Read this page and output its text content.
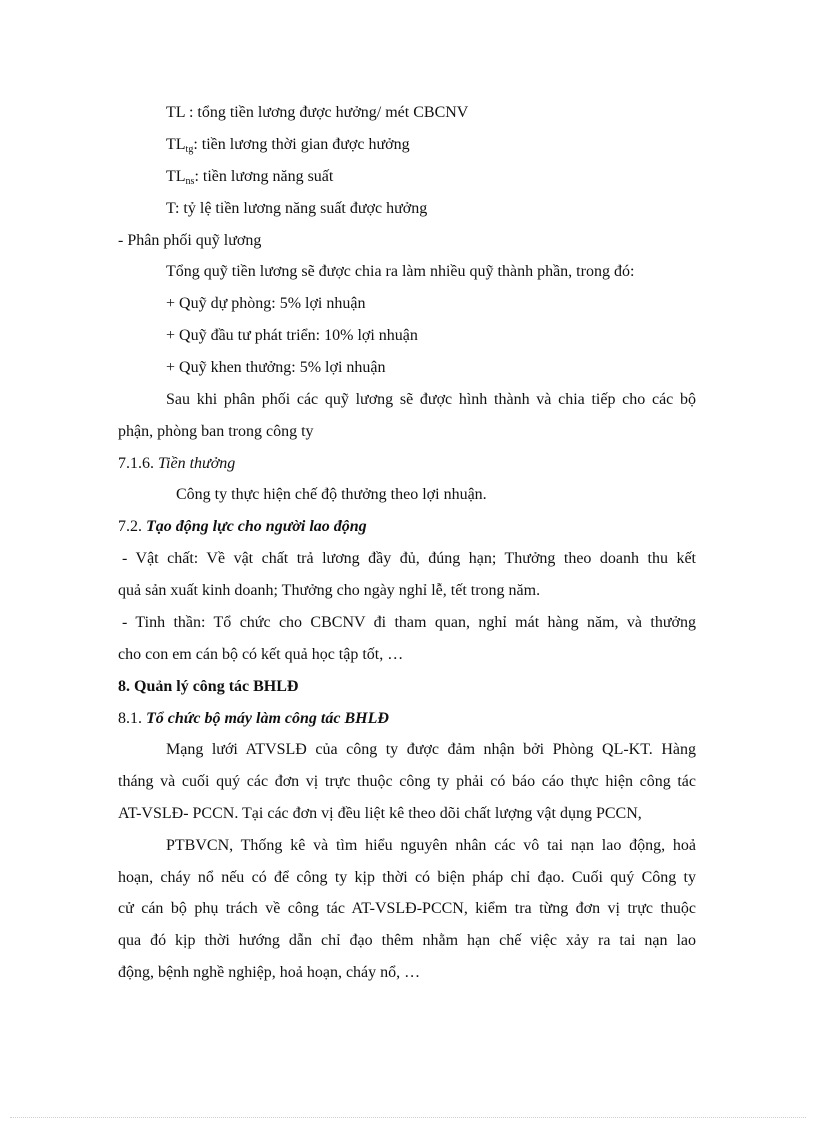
TL : tổng tiền lương được hưởng/ mét CBCNV
$TL_{tg}$: tiền lương thời gian được hưởng
$TL_{ns}$: tiền lương năng suất
T: tỷ lệ tiền lương năng suất được hưởng
- Phân phối quỹ lương
Tổng quỹ tiền lương sẽ được chia ra làm nhiều quỹ thành phần, trong đó:
+ Quỹ dự phòng: 5% lợi nhuận
+ Quỹ đầu tư phát triển: 10% lợi nhuận
+ Quỹ khen thưởng: 5% lợi nhuận
Sau khi phân phối các quỹ lương sẽ được hình thành và chia tiếp cho các bộ
phận, phòng ban trong công ty
7.1.6. Tiền thưởng
Công ty thực hiện chế độ thưởng theo lợi nhuận.
7.2. Tạo động lực cho người lao động
- Vật chất: Về vật chất trả lương đầy đủ, đúng hạn; Thưởng theo doanh thu kết
quả sản xuất kinh doanh; Thưởng cho ngày nghỉ lễ, tết trong năm.
- Tinh thần: Tổ chức cho CBCNV đi tham quan, nghỉ mát hàng năm, và thưởng
cho con em cán bộ có kết quả học tập tốt, …
8. Quản lý công tác BHLĐ
8.1. Tổ chức bộ máy làm công tác BHLĐ
Mạng lưới ATVSLĐ của công ty được đảm nhận bởi Phòng QL-KT. Hàng
tháng và cuối quý các đơn vị trực thuộc công ty phải có báo cáo thực hiện công tác
AT-VSLĐ- PCCN. Tại các đơn vị đều liệt kê theo dõi chất lượng vật dụng PCCN,
PTBVCN, Thống kê và tìm hiểu nguyên nhân các vô tai nạn lao động, hoả
hoạn, cháy nổ nếu có để công ty kịp thời có biện pháp chỉ đạo. Cuối quý Công ty
cử cán bộ phụ trách về công tác AT-VSLĐ-PCCN, kiểm tra từng đơn vị trực thuộc
qua đó kịp thời hướng dẫn chỉ đạo thêm nhằm hạn chế việc xảy ra tai nạn lao
động, bệnh nghề nghiệp, hoả hoạn, cháy nổ, …
